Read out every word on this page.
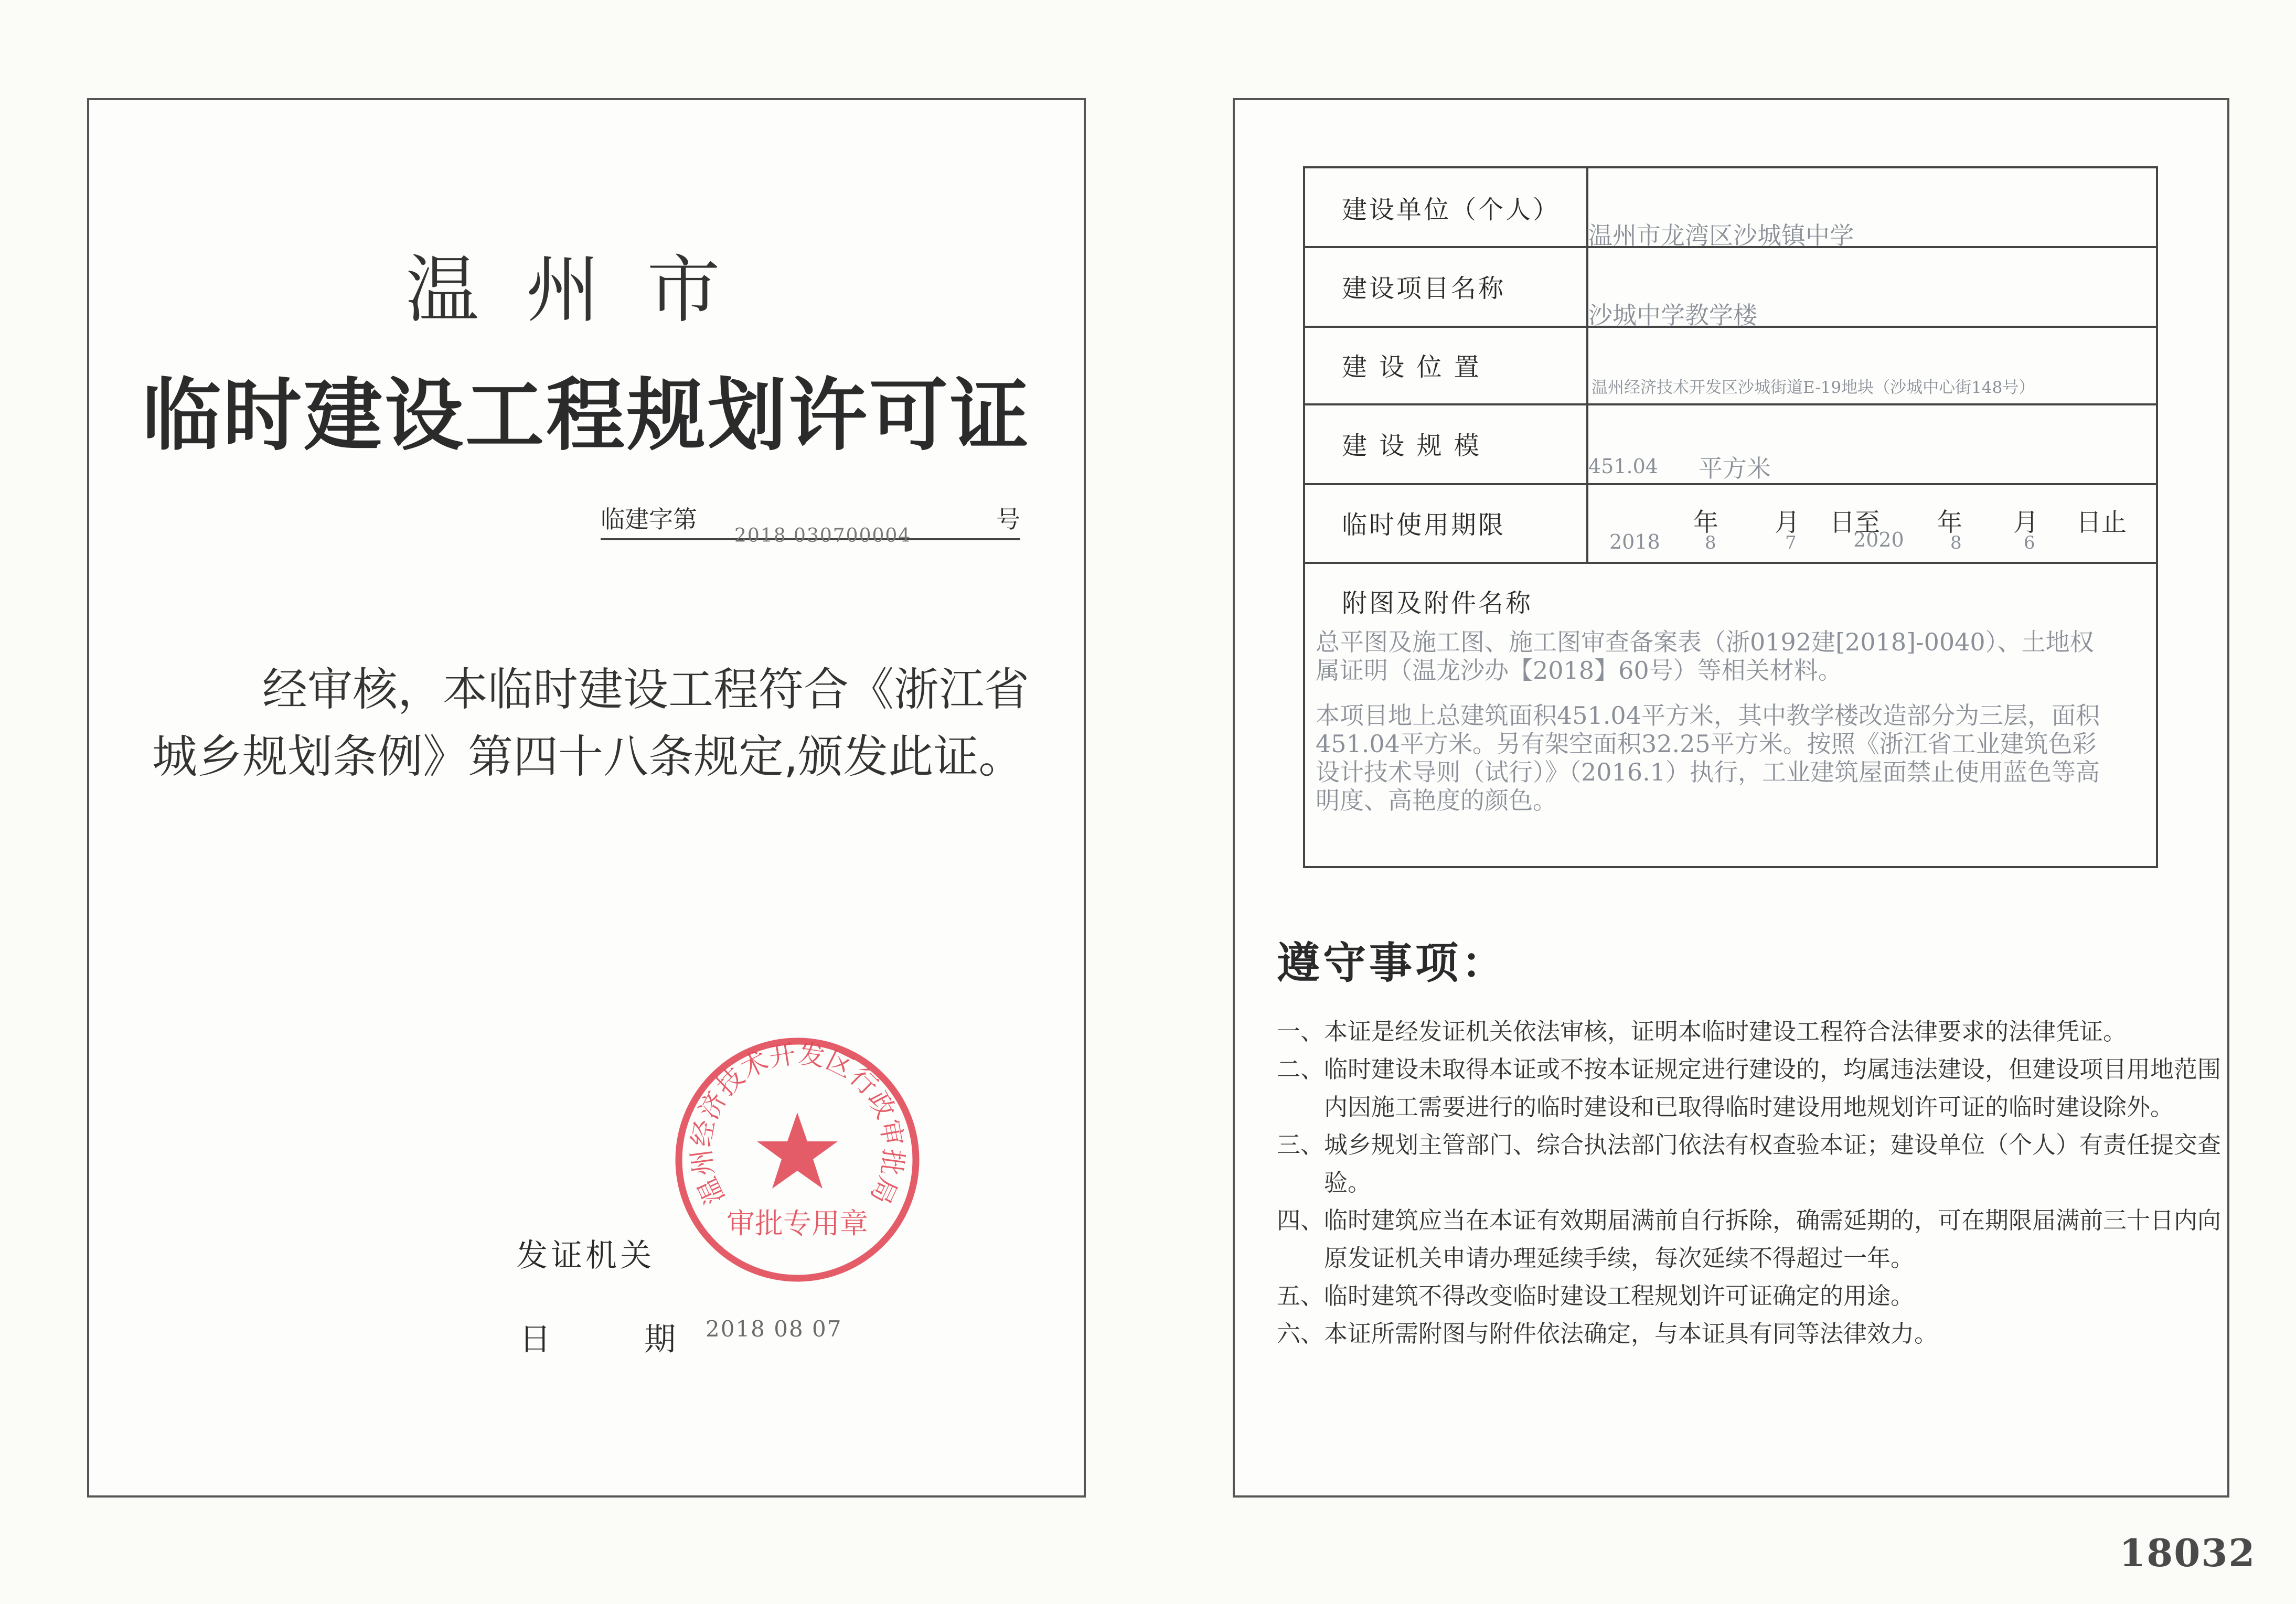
温州市
临时建设工程规划许可证
临建字第
2018 030700004
号
经审核，本临时建设工程符合《浙江省城乡规划条例》第四十八条规定,颁发此证。
发证机关
日	期 2018 08 07
温州经济技术开发区行政审批局
审批专用章
建设单位（个人）
温州市龙湾区沙城镇中学
建设项目名称
沙城中学教学楼
建 设 位 置
温州经济技术开发区沙城街道E-19地块（沙城中心街148号）
建 设 规 模
451.04 平方米
临时使用期限
2018
年
8
月
7
日至
2020
年
8
月
6
日止
附图及附件名称
总平图及施工图、施工图审查备案表（浙0192建[2018]-0040）、土地权属证明（温龙沙办【2018】60号）等相关材料。
本项目地上总建筑面积451.04平方米，其中教学楼改造部分为三层，面积451.04平方米。另有架空面积32.25平方米。按照《浙江省工业建筑色彩设计技术导则（试行）》（2016.1）执行，工业建筑屋面禁止使用蓝色等高明度、高艳度的颜色。
遵守事项：
一、本证是经发证机关依法审核，证明本临时建设工程符合法律要求的法律凭证。
二、临时建设未取得本证或不按本证规定进行建设的，均属违法建设，但建设项目用地范围内因施工需要进行的临时建设和已取得临时建设用地规划许可证的临时建设除外。
三、城乡规划主管部门、综合执法部门依法有权查验本证；建设单位（个人）有责任提交查验。
四、临时建筑应当在本证有效期届满前自行拆除，确需延期的，可在期限届满前三十日内向原发证机关申请办理延续手续，每次延续不得超过一年。
五、临时建筑不得改变临时建设工程规划许可证确定的用途。
六、本证所需附图与附件依法确定，与本证具有同等法律效力。
18032
